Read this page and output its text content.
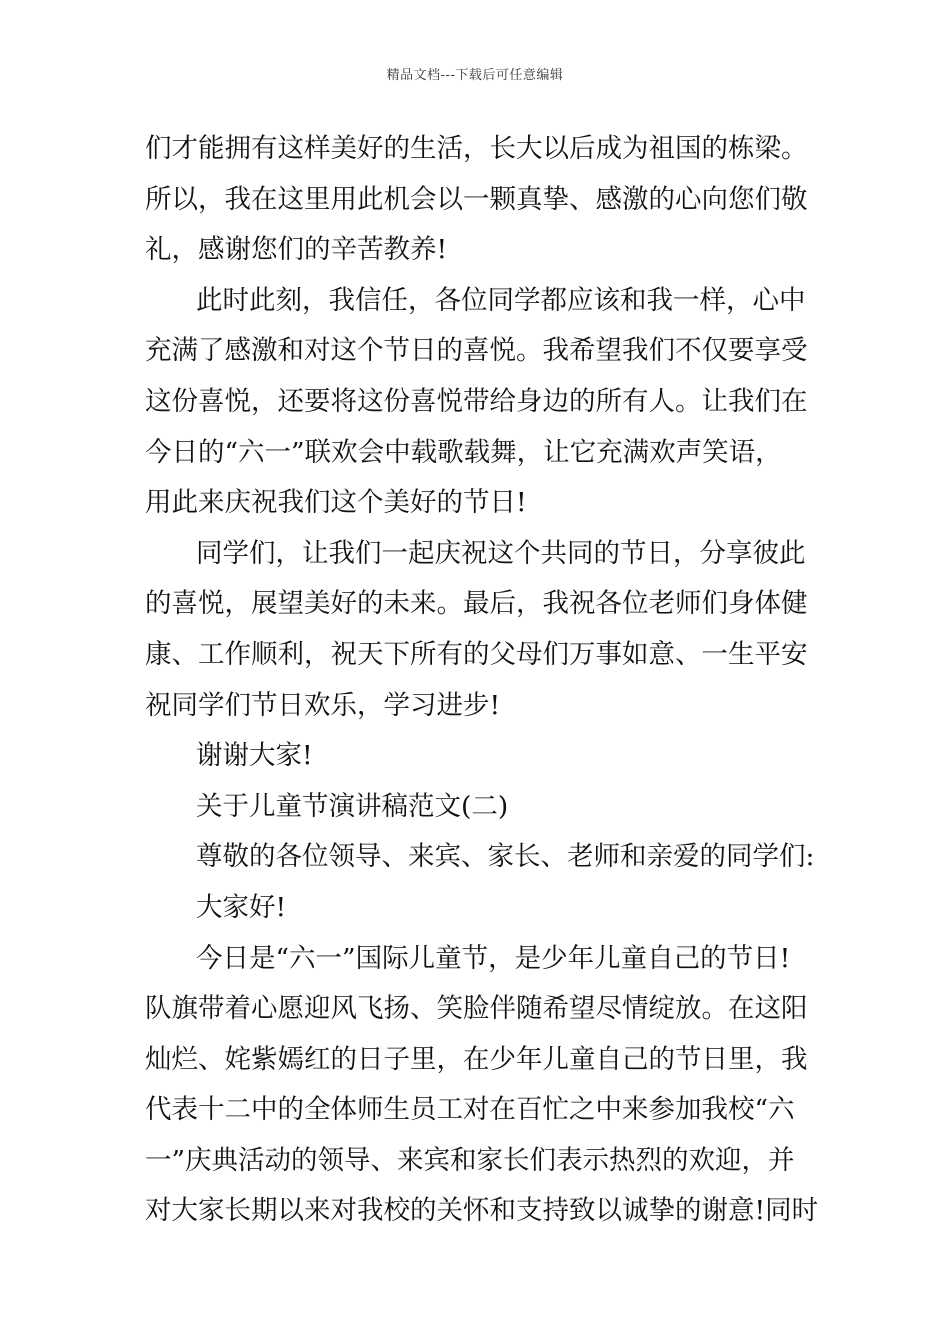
精品文档---下载后可任意编辑
们才能拥有这样美好的生活，长大以后成为祖国的栋梁。
所以，我在这里用此机会以一颗真挚、感激的心向您们敬
礼，感谢您们的辛苦教养!
此时此刻，我信任，各位同学都应该和我一样，心中
充满了感激和对这个节日的喜悦。我希望我们不仅要享受
这份喜悦，还要将这份喜悦带给身边的所有人。让我们在
今日的“六一”联欢会中载歌载舞，让它充满欢声笑语，
用此来庆祝我们这个美好的节日!
同学们，让我们一起庆祝这个共同的节日，分享彼此
的喜悦，展望美好的未来。最后，我祝各位老师们身体健
康、工作顺利，祝天下所有的父母们万事如意、一生平安
祝同学们节日欢乐，学习进步!
谢谢大家!
关于儿童节演讲稿范文(二)
尊敬的各位领导、来宾、家长、老师和亲爱的同学们:
大家好!
今日是“六一”国际儿童节，是少年儿童自己的节日!
队旗带着心愿迎风飞扬、笑脸伴随希望尽情绽放。在这阳
灿烂、姹紫嫣红的日子里，在少年儿童自己的节日里，我
代表十二中的全体师生员工对在百忙之中来参加我校“六
一”庆典活动的领导、来宾和家长们表示热烈的欢迎，并
对大家长期以来对我校的关怀和支持致以诚挚的谢意!同时
